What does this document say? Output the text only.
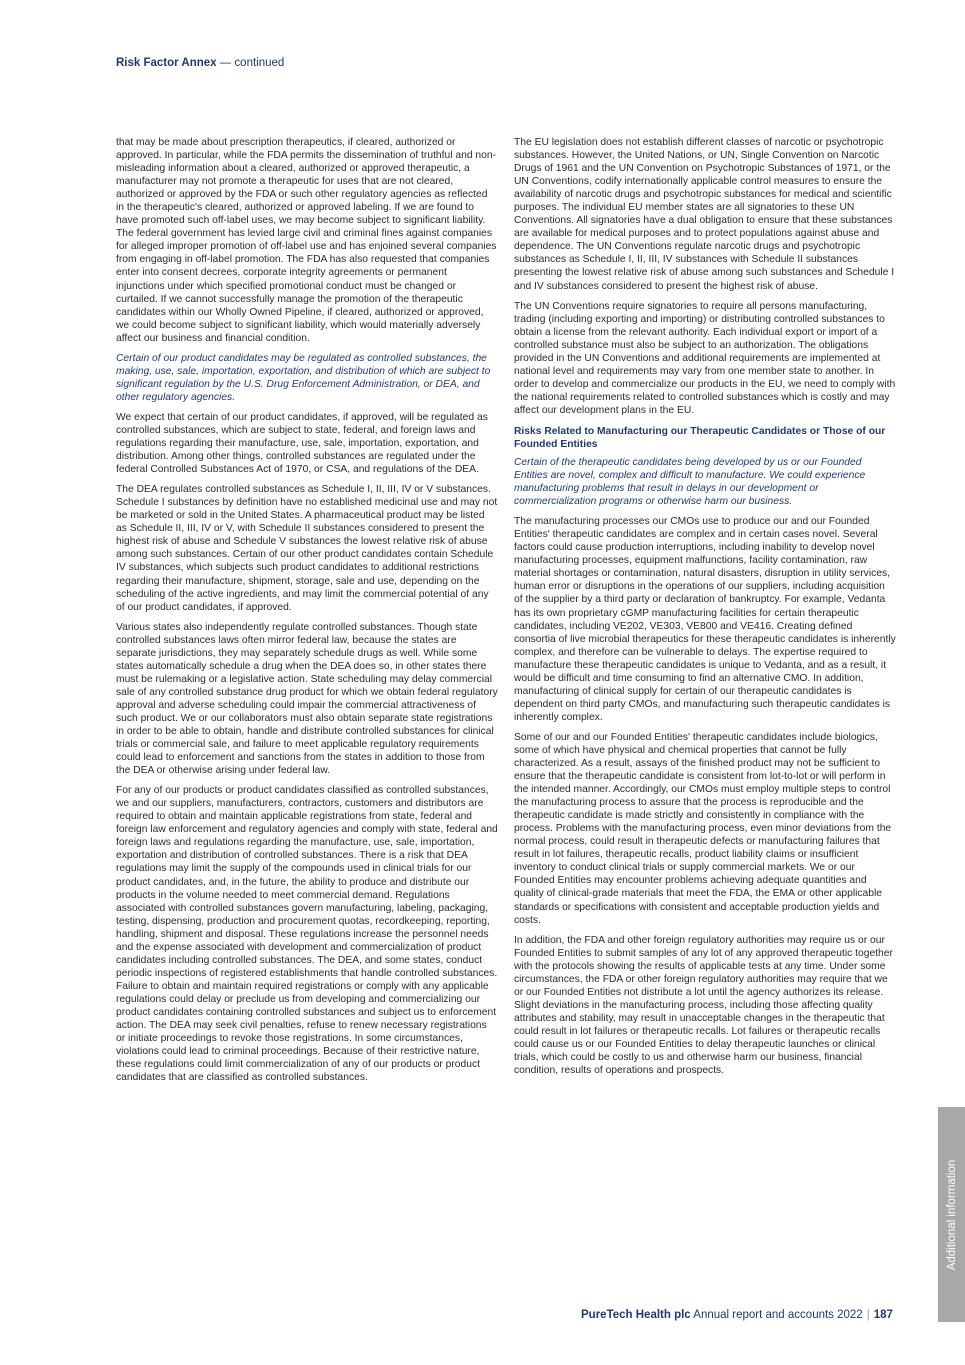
Risk Factor Annex — continued

that may be made about prescription therapeutics, if cleared, authorized or approved. In particular, while the FDA permits the dissemination of truthful and non-misleading information about a cleared, authorized or approved therapeutic, a manufacturer may not promote a therapeutic for uses that are not cleared, authorized or approved by the FDA or such other regulatory agencies as reflected in the therapeutic's cleared, authorized or approved labeling. If we are found to have promoted such off-label uses, we may become subject to significant liability. The federal government has levied large civil and criminal fines against companies for alleged improper promotion of off-label use and has enjoined several companies from engaging in off-label promotion. The FDA has also requested that companies enter into consent decrees, corporate integrity agreements or permanent injunctions under which specified promotional conduct must be changed or curtailed. If we cannot successfully manage the promotion of the therapeutic candidates within our Wholly Owned Pipeline, if cleared, authorized or approved, we could become subject to significant liability, which would materially adversely affect our business and financial condition.

Certain of our product candidates may be regulated as controlled substances, the making, use, sale, importation, exportation, and distribution of which are subject to significant regulation by the U.S. Drug Enforcement Administration, or DEA, and other regulatory agencies.

We expect that certain of our product candidates, if approved, will be regulated as controlled substances, which are subject to state, federal, and foreign laws and regulations regarding their manufacture, use, sale, importation, exportation, and distribution. Among other things, controlled substances are regulated under the federal Controlled Substances Act of 1970, or CSA, and regulations of the DEA.

The DEA regulates controlled substances as Schedule I, II, III, IV or V substances. Schedule I substances by definition have no established medicinal use and may not be marketed or sold in the United States. A pharmaceutical product may be listed as Schedule II, III, IV or V, with Schedule II substances considered to present the highest risk of abuse and Schedule V substances the lowest relative risk of abuse among such substances. Certain of our other product candidates contain Schedule IV substances, which subjects such product candidates to additional restrictions regarding their manufacture, shipment, storage, sale and use, depending on the scheduling of the active ingredients, and may limit the commercial potential of any of our product candidates, if approved.

Various states also independently regulate controlled substances. Though state controlled substances laws often mirror federal law, because the states are separate jurisdictions, they may separately schedule drugs as well. While some states automatically schedule a drug when the DEA does so, in other states there must be rulemaking or a legislative action. State scheduling may delay commercial sale of any controlled substance drug product for which we obtain federal regulatory approval and adverse scheduling could impair the commercial attractiveness of such product. We or our collaborators must also obtain separate state registrations in order to be able to obtain, handle and distribute controlled substances for clinical trials or commercial sale, and failure to meet applicable regulatory requirements could lead to enforcement and sanctions from the states in addition to those from the DEA or otherwise arising under federal law.

For any of our products or product candidates classified as controlled substances, we and our suppliers, manufacturers, contractors, customers and distributors are required to obtain and maintain applicable registrations from state, federal and foreign law enforcement and regulatory agencies and comply with state, federal and foreign laws and regulations regarding the manufacture, use, sale, importation, exportation and distribution of controlled substances. There is a risk that DEA regulations may limit the supply of the compounds used in clinical trials for our product candidates, and, in the future, the ability to produce and distribute our products in the volume needed to meet commercial demand. Regulations associated with controlled substances govern manufacturing, labeling, packaging, testing, dispensing, production and procurement quotas, recordkeeping, reporting, handling, shipment and disposal. These regulations increase the personnel needs and the expense associated with development and commercialization of product candidates including controlled substances. The DEA, and some states, conduct periodic inspections of registered establishments that handle controlled substances. Failure to obtain and maintain required registrations or comply with any applicable regulations could delay or preclude us from developing and commercializing our product candidates containing controlled substances and subject us to enforcement action. The DEA may seek civil penalties, refuse to renew necessary registrations or initiate proceedings to revoke those registrations. In some circumstances, violations could lead to criminal proceedings. Because of their restrictive nature, these regulations could limit commercialization of any of our products or product candidates that are classified as controlled substances.

The EU legislation does not establish different classes of narcotic or psychotropic substances. However, the United Nations, or UN, Single Convention on Narcotic Drugs of 1961 and the UN Convention on Psychotropic Substances of 1971, or the UN Conventions, codify internationally applicable control measures to ensure the availability of narcotic drugs and psychotropic substances for medical and scientific purposes. The individual EU member states are all signatories to these UN Conventions. All signatories have a dual obligation to ensure that these substances are available for medical purposes and to protect populations against abuse and dependence. The UN Conventions regulate narcotic drugs and psychotropic substances as Schedule I, II, III, IV substances with Schedule II substances presenting the lowest relative risk of abuse among such substances and Schedule I and IV substances considered to present the highest risk of abuse.

The UN Conventions require signatories to require all persons manufacturing, trading (including exporting and importing) or distributing controlled substances to obtain a license from the relevant authority. Each individual export or import of a controlled substance must also be subject to an authorization. The obligations provided in the UN Conventions and additional requirements are implemented at national level and requirements may vary from one member state to another. In order to develop and commercialize our products in the EU, we need to comply with the national requirements related to controlled substances which is costly and may affect our development plans in the EU.

Risks Related to Manufacturing our Therapeutic Candidates or Those of our Founded Entities

Certain of the therapeutic candidates being developed by us or our Founded Entities are novel, complex and difficult to manufacture. We could experience manufacturing problems that result in delays in our development or commercialization programs or otherwise harm our business.

The manufacturing processes our CMOs use to produce our and our Founded Entities' therapeutic candidates are complex and in certain cases novel. Several factors could cause production interruptions, including inability to develop novel manufacturing processes, equipment malfunctions, facility contamination, raw material shortages or contamination, natural disasters, disruption in utility services, human error or disruptions in the operations of our suppliers, including acquisition of the supplier by a third party or declaration of bankruptcy. For example, Vedanta has its own proprietary cGMP manufacturing facilities for certain therapeutic candidates, including VE202, VE303, VE800 and VE416. Creating defined consortia of live microbial therapeutics for these therapeutic candidates is inherently complex, and therefore can be vulnerable to delays. The expertise required to manufacture these therapeutic candidates is unique to Vedanta, and as a result, it would be difficult and time consuming to find an alternative CMO. In addition, manufacturing of clinical supply for certain of our therapeutic candidates is dependent on third party CMOs, and manufacturing such therapeutic candidates is inherently complex.

Some of our and our Founded Entities' therapeutic candidates include biologics, some of which have physical and chemical properties that cannot be fully characterized. As a result, assays of the finished product may not be sufficient to ensure that the therapeutic candidate is consistent from lot-to-lot or will perform in the intended manner. Accordingly, our CMOs must employ multiple steps to control the manufacturing process to assure that the process is reproducible and the therapeutic candidate is made strictly and consistently in compliance with the process. Problems with the manufacturing process, even minor deviations from the normal process, could result in therapeutic defects or manufacturing failures that result in lot failures, therapeutic recalls, product liability claims or insufficient inventory to conduct clinical trials or supply commercial markets. We or our Founded Entities may encounter problems achieving adequate quantities and quality of clinical-grade materials that meet the FDA, the EMA or other applicable standards or specifications with consistent and acceptable production yields and costs.

In addition, the FDA and other foreign regulatory authorities may require us or our Founded Entities to submit samples of any lot of any approved therapeutic together with the protocols showing the results of applicable tests at any time. Under some circumstances, the FDA or other foreign regulatory authorities may require that we or our Founded Entities not distribute a lot until the agency authorizes its release. Slight deviations in the manufacturing process, including those affecting quality attributes and stability, may result in unacceptable changes in the therapeutic that could result in lot failures or therapeutic recalls. Lot failures or therapeutic recalls could cause us or our Founded Entities to delay therapeutic launches or clinical trials, which could be costly to us and otherwise harm our business, financial condition, results of operations and prospects.

Additional information
PureTech Health plc Annual report and accounts 2022 | 187
